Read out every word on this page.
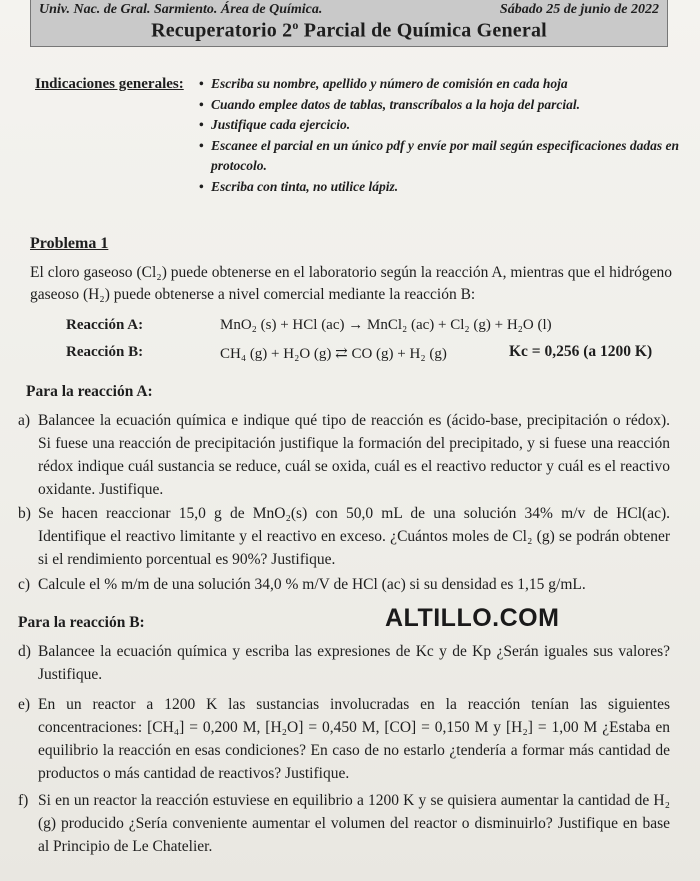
Univ. Nac. de Gral. Sarmiento. Área de Química.	Sábado 25 de junio de 2022
Recuperatorio 2$^o$ Parcial de Química General
Indicaciones generales:
•	Escriba su nombre, apellido y número de comisión en cada hoja
• Cuando emplee datos de tablas, transcríbalos a la hoja del parcial.
• Justifique cada ejercicio.
• Escanee el parcial en un único pdf y envíe por mail según especificaciones dadas en protocolo.
• Escriba con tinta, no utilice lápiz.
Problema 1
El cloro gaseoso (Cl₂) puede obtenerse en el laboratorio según la reacción A, mientras que el hidrógeno gaseoso (H₂) puede obtenerse a nivel comercial mediante la reacción B:
Reacción A:	MnO₂ (s) + HCl (ac) → MnCl₂ (ac) + Cl₂ (g) + H₂O (l)
Reacción B:	CH₄ (g) + H₂O (g) ⇄ CO (g) + H₂ (g)	Kc = 0,256 (a 1200 K)
Para la reacción A:
a) Balancee la ecuación química e indique qué tipo de reacción es (ácido-base, precipitación o rédox). Si fuese una reacción de precipitación justifique la formación del precipitado, y si fuese una reacción rédox indique cuál sustancia se reduce, cuál se oxida, cuál es el reactivo reductor y cuál es el reactivo oxidante. Justifique.
b) Se hacen reaccionar 15,0 g de MnO₂(s) con 50,0 mL de una solución 34% m/v de HCl(ac). Identifique el reactivo limitante y el reactivo en exceso. ¿Cuántos moles de Cl₂ (g) se podrán obtener si el rendimiento porcentual es 90%? Justifique.
c) Calcule el % m/m de una solución 34,0 % m/V de HCl (ac) si su densidad es 1,15 g/mL.
Para la reacción B:	ALTILLO.COM
d) Balancee la ecuación química y escriba las expresiones de Kc y de Kp ¿Serán iguales sus valores? Justifique.
e) En un reactor a 1200 K las sustancias involucradas en la reacción tenían las siguientes concentraciones: [CH₄] = 0,200 M, [H₂O] = 0,450 M, [CO] = 0,150 M y [H₂] = 1,00 M ¿Estaba en equilibrio la reacción en esas condiciones? En caso de no estarlo ¿tendería a formar más cantidad de productos o más cantidad de reactivos? Justifique.
f) Si en un reactor la reacción estuviese en equilibrio a 1200 K y se quisiera aumentar la cantidad de H₂ (g) producido ¿Sería conveniente aumentar el volumen del reactor o disminuirlo? Justifique en base al Principio de Le Chatelier.
